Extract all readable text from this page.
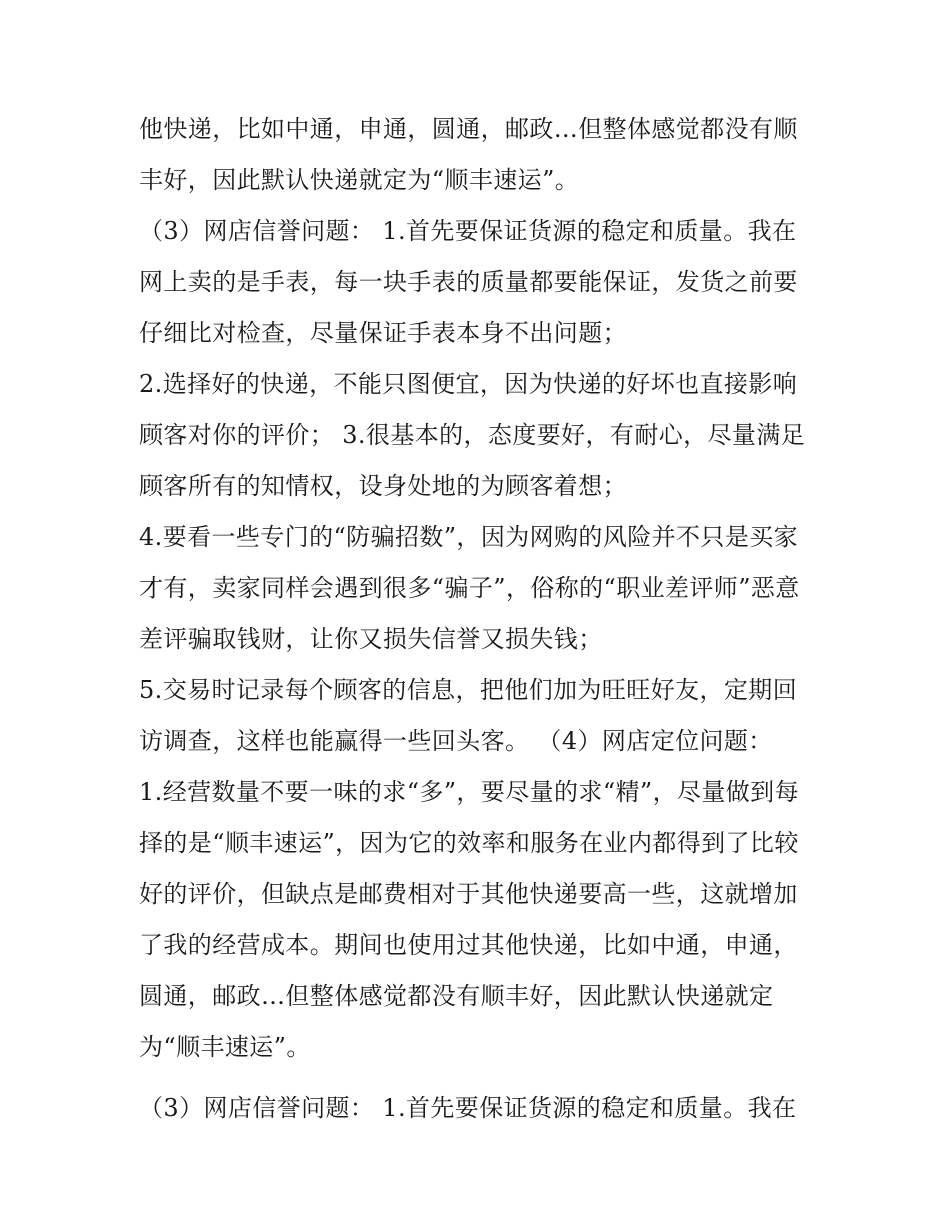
他快递，比如中通，申通，圆通，邮政…但整体感觉都没有顺
丰好，因此默认快递就定为“顺丰速运”。
（3）网店信誉问题： 1.首先要保证货源的稳定和质量。我在
网上卖的是手表，每一块手表的质量都要能保证，发货之前要
仔细比对检查，尽量保证手表本身不出问题；
2.选择好的快递，不能只图便宜，因为快递的好坏也直接影响
顾客对你的评价； 3.很基本的，态度要好，有耐心，尽量满足
顾客所有的知情权，设身处地的为顾客着想；
4.要看一些专门的“防骗招数”，因为网购的风险并不只是买家
才有，卖家同样会遇到很多“骗子”，俗称的“职业差评师”恶意
差评骗取钱财，让你又损失信誉又损失钱；
5.交易时记录每个顾客的信息，把他们加为旺旺好友，定期回
访调查，这样也能赢得一些回头客。 （4）网店定位问题：
1.经营数量不要一味的求“多”，要尽量的求“精”，尽量做到每
择的是“顺丰速运”，因为它的效率和服务在业内都得到了比较
好的评价，但缺点是邮费相对于其他快递要高一些，这就增加
了我的经营成本。期间也使用过其他快递，比如中通，申通，
圆通，邮政…但整体感觉都没有顺丰好，因此默认快递就定
为“顺丰速运”。
（3）网店信誉问题： 1.首先要保证货源的稳定和质量。我在
